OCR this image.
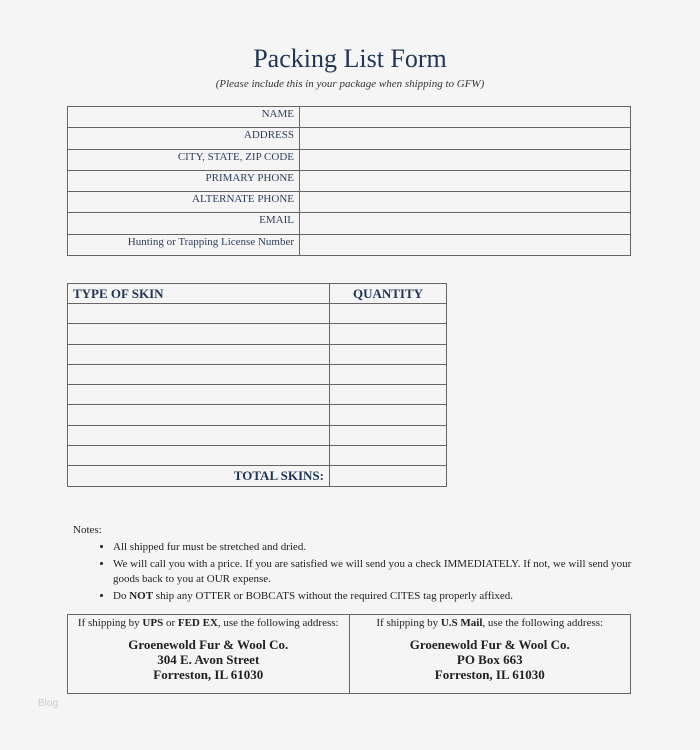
Packing List Form
(Please include this in your package when shipping to GFW)
NAME	
ADDRESS	
CITY, STATE, ZIP CODE	
PRIMARY PHONE	
ALTERNATE PHONE	
EMAIL	
Hunting or Trapping License Number	
TYPE OF SKIN	QUANTITY

TOTAL SKINS:	
Notes:
• All shipped fur must be stretched and dried.
• We will call you with a price. If you are satisfied we will send you a check IMMEDIATELY. If not, we will send your goods back to you at OUR expense.
• Do NOT ship any OTTER or BOBCATS without the required CITES tag properly affixed.
If shipping by UPS or FED EX, use the following address:
Groenewold Fur & Wool Co.
304 E. Avon Street
Forreston, IL 61030

If shipping by U.S Mail, use the following address:
Groenewold Fur & Wool Co.
PO Box 663
Forreston, IL 61030
Blog
